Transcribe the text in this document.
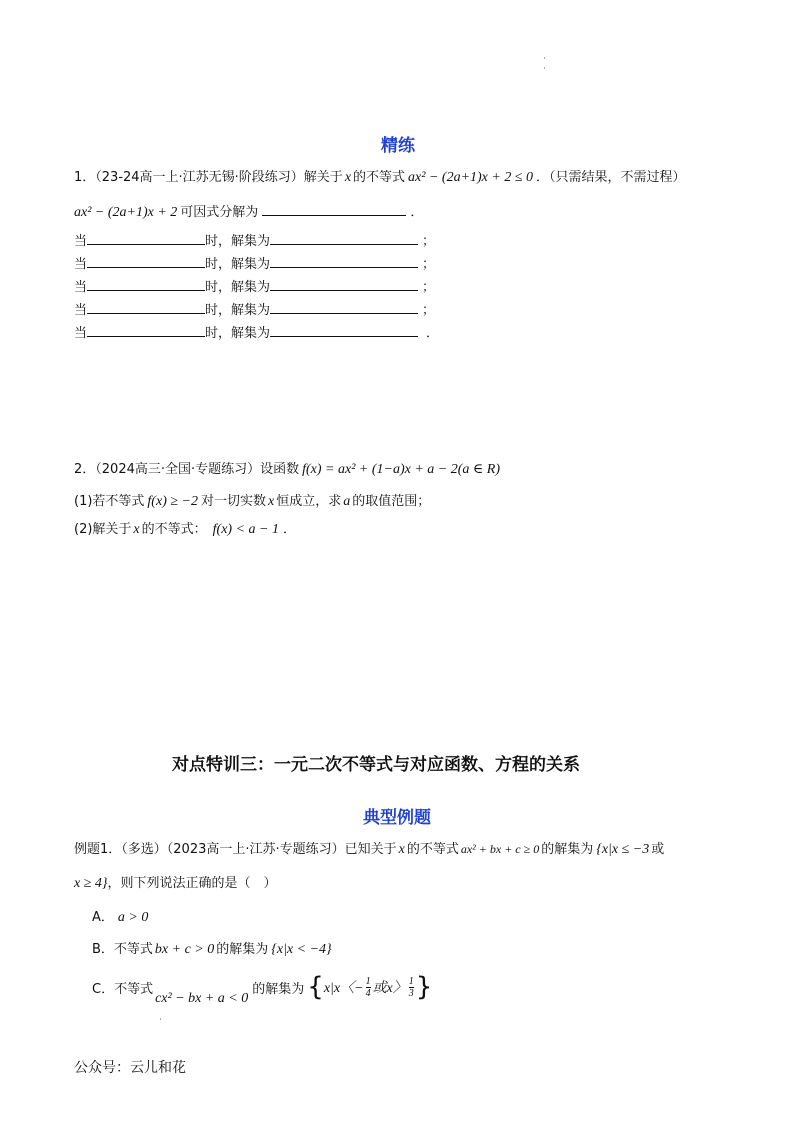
˙
˙
精练
1．（23-24高一上·江苏无锡·阶段练习）解关于 x 的不等式 ax² − (2a+1)x + 2 ≤ 0 ．（只需结果，不需过程）
ax² − (2a+1)x + 2 可因式分解为	．
当	时，解集为	；
当	时，解集为	；
当	时，解集为	；
当	时，解集为	；
当	时，解集为	．
2．（2024高三·全国·专题练习）设函数 f(x) = ax² + (1−a)x + a − 2(a ∈ R)
(1)若不等式 f(x) ≥ −2 对一切实数 x 恒成立，求 a 的取值范围；
(2)解关于 x 的不等式： f(x) < a − 1 ．
对点特训三：一元二次不等式与对应函数、方程的关系
典型例题
例题1．（多选）（2023高一上·江苏·专题练习）已知关于 x 的不等式 ax² + bx + c ≥ 0 的解集为 {x|x ≤ −3 或
x ≥ 4} ，则下列说法正确的是（　）
A． a > 0
B．不等式 bx + c > 0 的解集为 {x|x < −4}
C．不等式
cx² − bx + a < 0
的解集为 { x|x〈− $\frac{1}{4}$ 或x〉 $\frac{1}{3}$ }
˙
公众号：云儿和花
